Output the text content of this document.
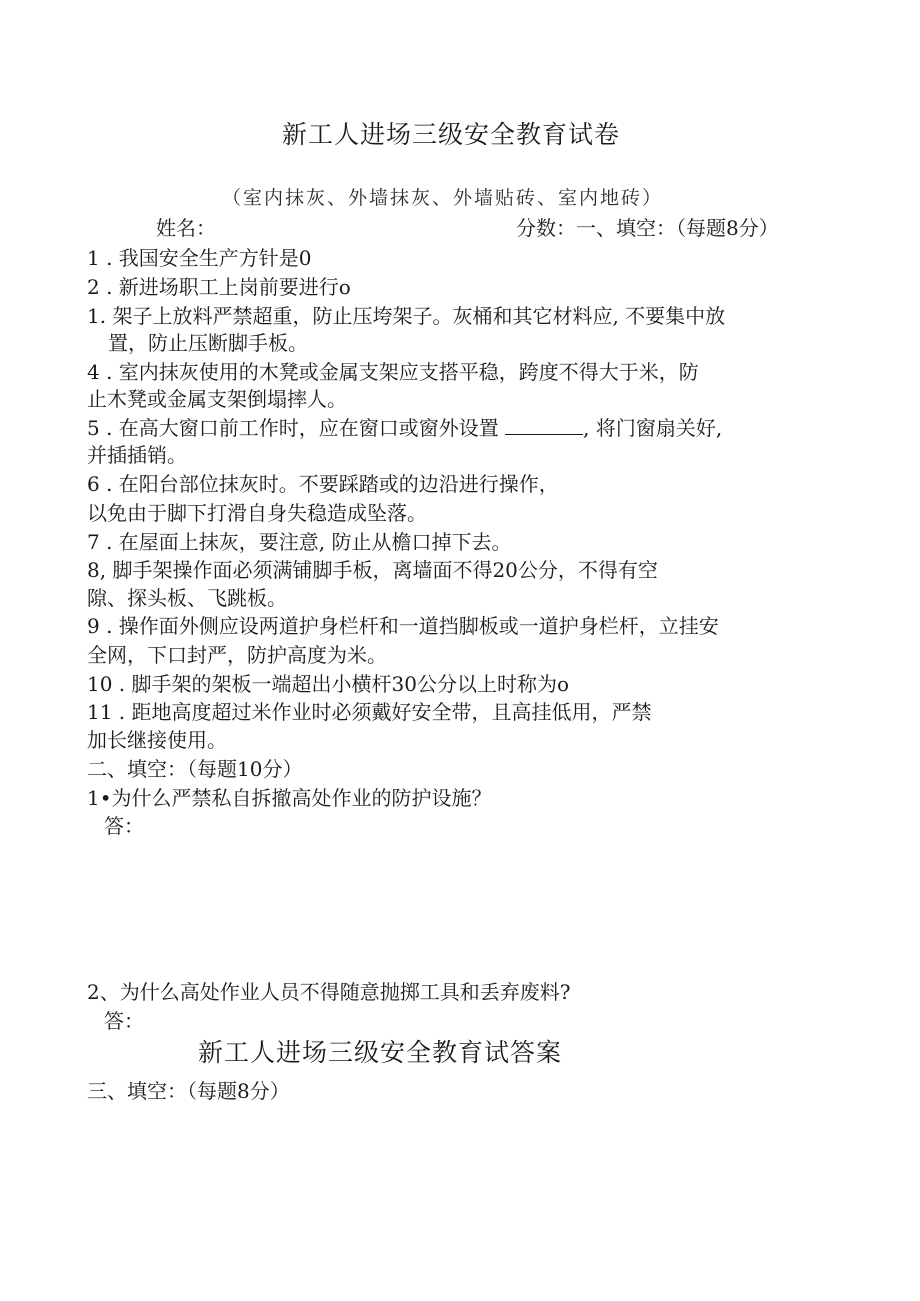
新工人进场三级安全教育试卷
（室内抹灰、外墙抹灰、外墙贴砖、室内地砖）
姓名：	分数：一、填空：（每题8分）
1 . 我国安全生产方针是0
2 . 新进场职工上岗前要进行o
1. 架子上放料严禁超重，防止压垮架子。灰桶和其它材料应, 不要集中放
置，防止压断脚手板。
4 . 室内抹灰使用的木凳或金属支架应支搭平稳，跨度不得大于米，防
止木凳或金属支架倒塌摔人。
5 . 在高大窗口前工作时，应在窗口或窗外设置	, 将门窗扇关好,
并插插销。
6 . 在阳台部位抹灰时。不要踩踏或的边沿进行操作，
以免由于脚下打滑自身失稳造成坠落。
7 . 在屋面上抹灰，要注意, 防止从檐口掉下去。
8, 脚手架操作面必须满铺脚手板，离墙面不得20公分，不得有空
隙、探头板、飞跳板。
9 . 操作面外侧应设两道护身栏杆和一道挡脚板或一道护身栏杆，立挂安
全网，下口封严，防护高度为米。
10 . 脚手架的架板一端超出小横杆30公分以上时称为o
11 . 距地高度超过米作业时必须戴好安全带，且高挂低用，严禁
加长继接使用。
二、填空：（每题10分）
1•为什么严禁私自拆撤高处作业的防护设施？
答：
2、为什么高处作业人员不得随意抛掷工具和丢弃废料?
答：
新工人进场三级安全教育试答案
三、填空：（每题8分）
